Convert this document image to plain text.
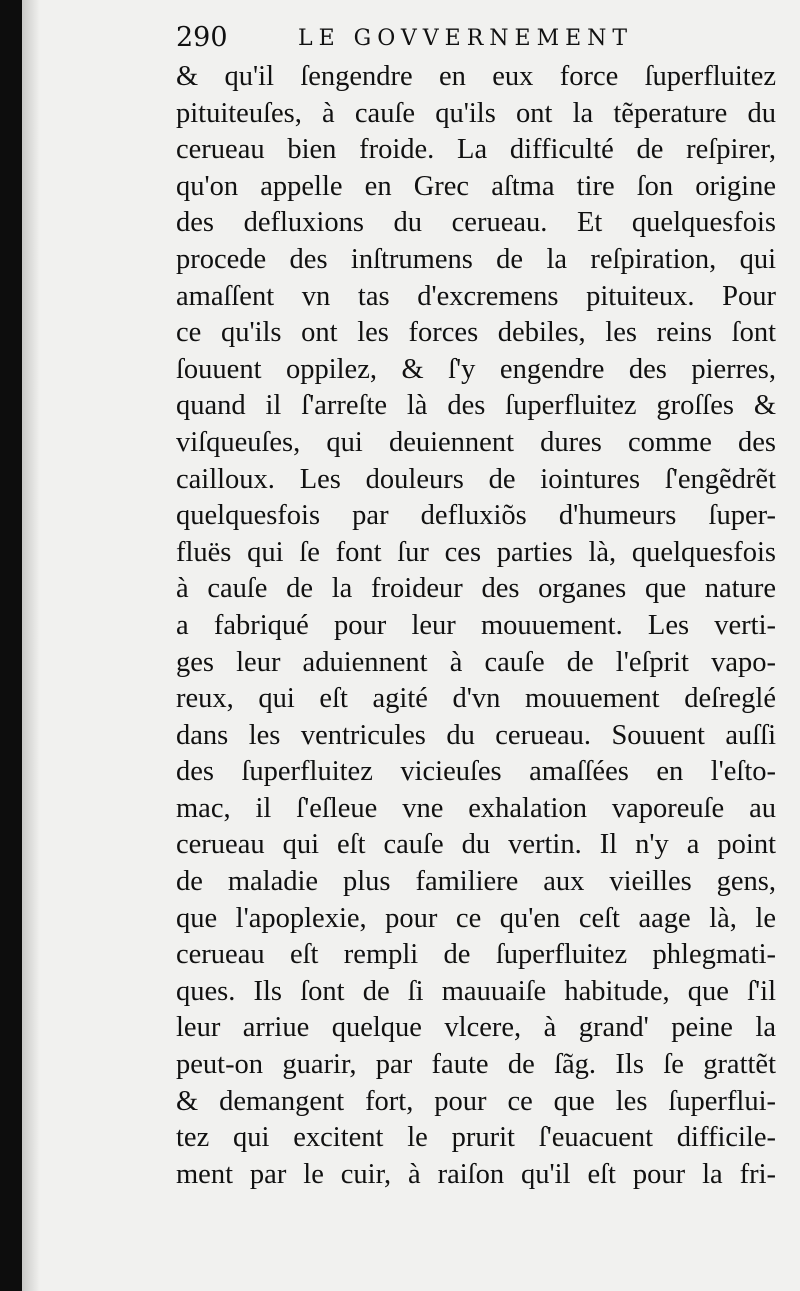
290	LE GOVVERNEMENT
& qu'il ſengendre en eux force ſuperfluitez
pituiteuſes, à cauſe qu'ils ont la tẽperature du
cerueau bien froide. La difficulté de reſpirer,
qu'on appelle en Grec aſtma tire ſon origine
des defluxions du cerueau. Et quelquesfois
procede des inſtrumens de la reſpiration, qui
amaſſent vn tas d'excremens pituiteux. Pour
ce qu'ils ont les forces debiles, les reins ſont
ſouuent oppilez, & ſ'y engendre des pierres,
quand il ſ'arreſte là des ſuperfluitez groſſes &
viſqueuſes, qui deuiennent dures comme des
cailloux. Les douleurs de iointures ſ'engẽdrẽt
quelquesfois par defluxiõs d'humeurs ſuper-
fluës qui ſe font ſur ces parties là, quelquesfois
à cauſe de la froideur des organes que nature
a fabriqué pour leur mouuement. Les verti-
ges leur aduiennent à cauſe de l'eſprit vapo-
reux, qui eſt agité d'vn mouuement deſreglé
dans les ventricules du cerueau. Souuent auſſi
des ſuperfluitez vicieuſes amaſſées en l'eſto-
mac, il ſ'eſleue vne exhalation vaporeuſe au
cerueau qui eſt cauſe du vertin. Il n'y a point
de maladie plus familiere aux vieilles gens,
que l'apoplexie, pour ce qu'en ceſt aage là, le
cerueau eſt rempli de ſuperfluitez phlegmati-
ques. Ils ſont de ſi mauuaiſe habitude, que ſ'il
leur arriue quelque vlcere, à grand' peine la
peut-on guarir, par faute de ſãg. Ils ſe grattẽt
& demangent fort, pour ce que les ſuperflui-
tez qui excitent le prurit ſ'euacuent difficile-
ment par le cuir, à raiſon qu'il eſt pour la fri-
